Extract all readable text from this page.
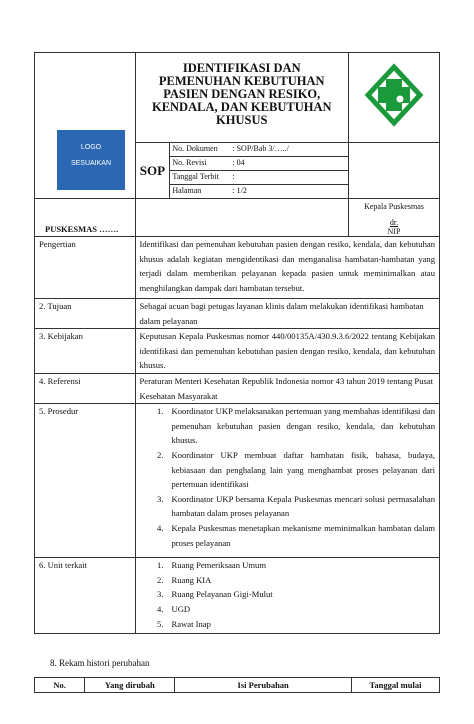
IDENTIFIKASI DAN PEMENUHAN KEBUTUHAN PASIEN DENGAN RESIKO, KENDALA, DAN KEBUTUHAN KHUSUS

SOP

No. Dokumen	: SOP/Bab 3/…../
No. Revisi	: 04
Tanggal Terbit	:
Halaman	: 1/2

PUSKESMAS …….

Kepala Puskesmas
dr.
NIP

Pengertian	Identifikasi dan pemenuhan kebutuhan pasien dengan resiko, kendala, dan kebutuhan khusus adalah kegiatan mengidentikasi dan menganalisa hambatan-hambatan yang terjadi dalam memberikan pelayanan kepada pasien untuk meminimalkan atau menghilangkan dampak dari hambatan tersebut.
2. Tujuan	Sebagai acuan bagi petugas layanan klinis dalam melakukan identifikasi hambatan dalam pelayanan
3. Kebijakan	Keputusan Kepala Puskesmas nomor 440/00135A/430.9.3.6/2022 tentang Kebijakan identifikasi dan pemenuhan kebutuhan pasien dengan resiko, kendala, dan kebutuhan khusus.
4. Referensi	Peraturan Menteri Kesehatan Republik Indonesia nomor 43 tahun 2019 tentang Pusat Kesehatan Masyarakat
5. Prosedur	1. Koordinator UKP melaksanakan pertemuan yang membahas identifikasi dan pemenuhan kebutuhan pasien dengan resiko, kendala, dan kebutuhan khusus.
2. Koordinator UKP membuat daftar hambatan fisik, bahasa, budaya, kebiasaan dan penghalang lain yang menghambat proses pelayanan dari pertemuan identifikasi
3. Koordinator UKP bersama Kepala Puskesmas mencari solusi permasalahan hambatan dalam proses pelayanan
4. Kepala Puskesmas menetapkan mekanisme meminimalkan hambatan dalam proses pelayanan

6. Unit terkait	1. Ruang Pemeriksaan Umum
2. Ruang KIA
3. Ruang Pelayanan Gigi-Mulut
4. UGD
5. Rawat Inap
LOGO
SESUAIKAN
8. Rekam histori perubahan
No.	Yang dirubah	Isi Perubahan	Tanggal mulai
